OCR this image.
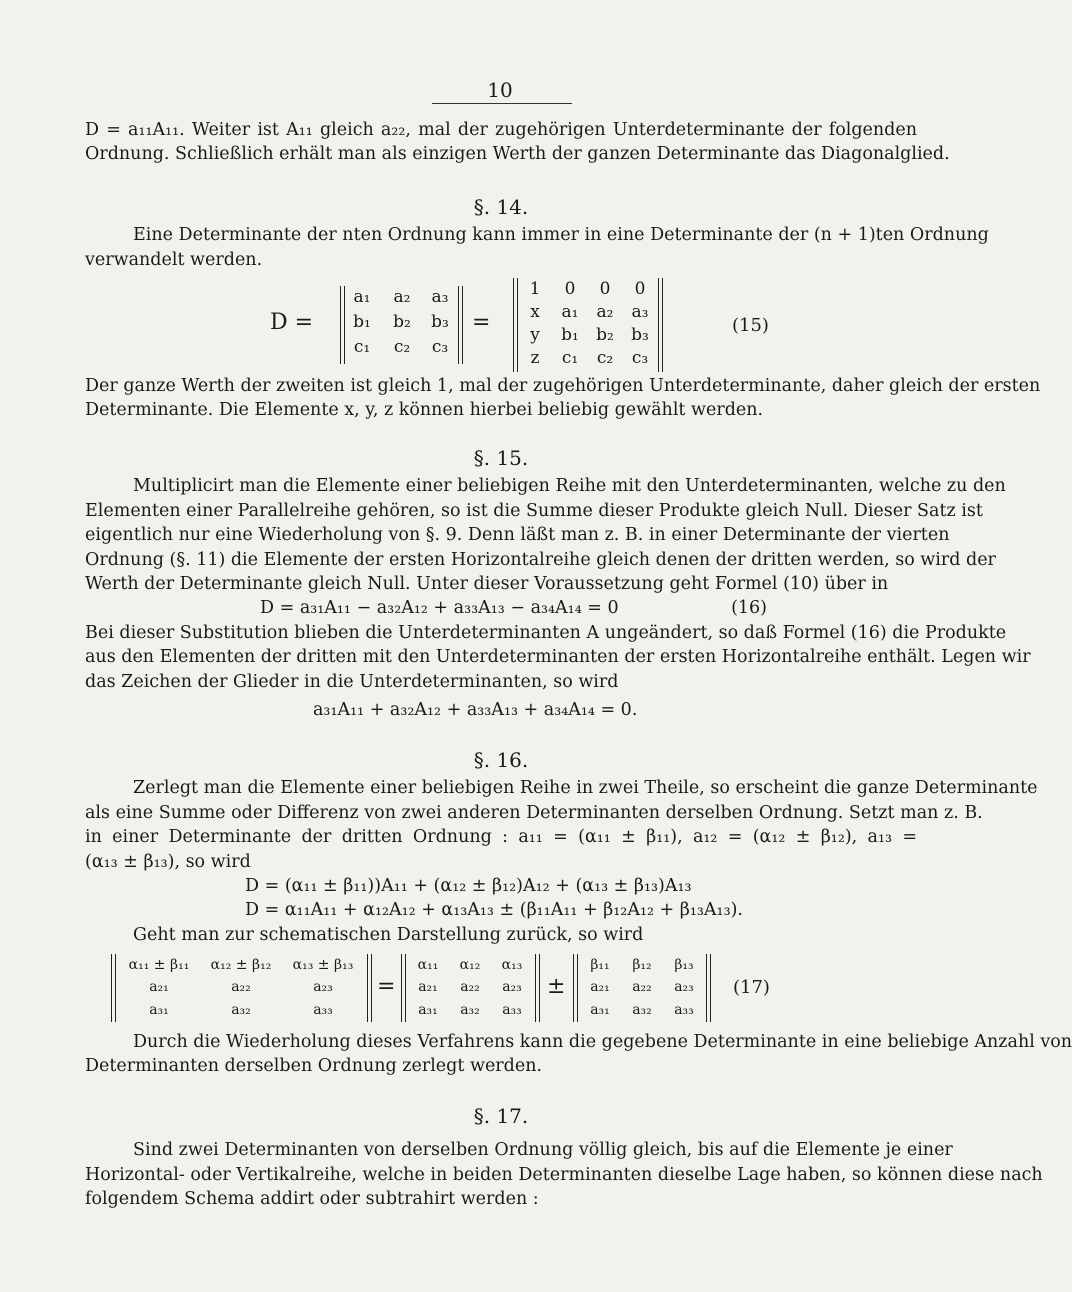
10
D = a₁₁A₁₁. Weiter ist A₁₁ gleich a₂₂, mal der zugehörigen Unterdeterminante der folgenden
Ordnung. Schließlich erhält man als einzigen Werth der ganzen Determinante das Diagonalglied.
§. 14.
Eine Determinante der nten Ordnung kann immer in eine Determinante der (n + 1)ten Ordnung
verwandelt werden.
D =
a₁	a₂	a₃
b₁	b₂	b₃
c₁	c₂	c₃
=
1	0	0	0
x	a₁	a₂	a₃
y	b₁	b₂	b₃
z	c₁	c₂	c₃
(15)
Der ganze Werth der zweiten ist gleich 1, mal der zugehörigen Unterdeterminante, daher gleich der ersten
Determinante. Die Elemente x, y, z können hierbei beliebig gewählt werden.
§. 15.
Multiplicirt man die Elemente einer beliebigen Reihe mit den Unterdeterminanten, welche zu den
Elementen einer Parallelreihe gehören, so ist die Summe dieser Produkte gleich Null. Dieser Satz ist
eigentlich nur eine Wiederholung von §. 9. Denn läßt man z. B. in einer Determinante der vierten
Ordnung (§. 11) die Elemente der ersten Horizontalreihe gleich denen der dritten werden, so wird der
Werth der Determinante gleich Null. Unter dieser Voraussetzung geht Formel (10) über in
D = a₃₁A₁₁ − a₃₂A₁₂ + a₃₃A₁₃ − a₃₄A₁₄ = 0	(16)
Bei dieser Substitution blieben die Unterdeterminanten A ungeändert, so daß Formel (16) die Produkte
aus den Elementen der dritten mit den Unterdeterminanten der ersten Horizontalreihe enthält. Legen wir
das Zeichen der Glieder in die Unterdeterminanten, so wird
a₃₁A₁₁ + a₃₂A₁₂ + a₃₃A₁₃ + a₃₄A₁₄ = 0.
§. 16.
Zerlegt man die Elemente einer beliebigen Reihe in zwei Theile, so erscheint die ganze Determinante
als eine Summe oder Differenz von zwei anderen Determinanten derselben Ordnung. Setzt man z. B.
in einer Determinante der dritten Ordnung : a₁₁ = (α₁₁ ± β₁₁), a₁₂ = (α₁₂ ± β₁₂), a₁₃ =
(α₁₃ ± β₁₃), so wird
D = (α₁₁ ± β₁₁))A₁₁ + (α₁₂ ± β₁₂)A₁₂ + (α₁₃ ± β₁₃)A₁₃
D = α₁₁A₁₁ + α₁₂A₁₂ + α₁₃A₁₃ ± (β₁₁A₁₁ + β₁₂A₁₂ + β₁₃A₁₃).
Geht man zur schematischen Darstellung zurück, so wird
α₁₁ ± β₁₁	α₁₂ ± β₁₂	α₁₃ ± β₁₃
a₂₁	a₂₂	a₂₃
a₃₁	a₃₂	a₃₃
=
α₁₁	α₁₂	α₁₃
a₂₁	a₂₂	a₂₃
a₃₁	a₃₂	a₃₃
±
β₁₁	β₁₂	β₁₃
a₂₁	a₂₂	a₂₃
a₃₁	a₃₂	a₃₃
(17)
Durch die Wiederholung dieses Verfahrens kann die gegebene Determinante in eine beliebige Anzahl von
Determinanten derselben Ordnung zerlegt werden.
§. 17.
Sind zwei Determinanten von derselben Ordnung völlig gleich, bis auf die Elemente je einer
Horizontal- oder Vertikalreihe, welche in beiden Determinanten dieselbe Lage haben, so können diese nach
folgendem Schema addirt oder subtrahirt werden :
